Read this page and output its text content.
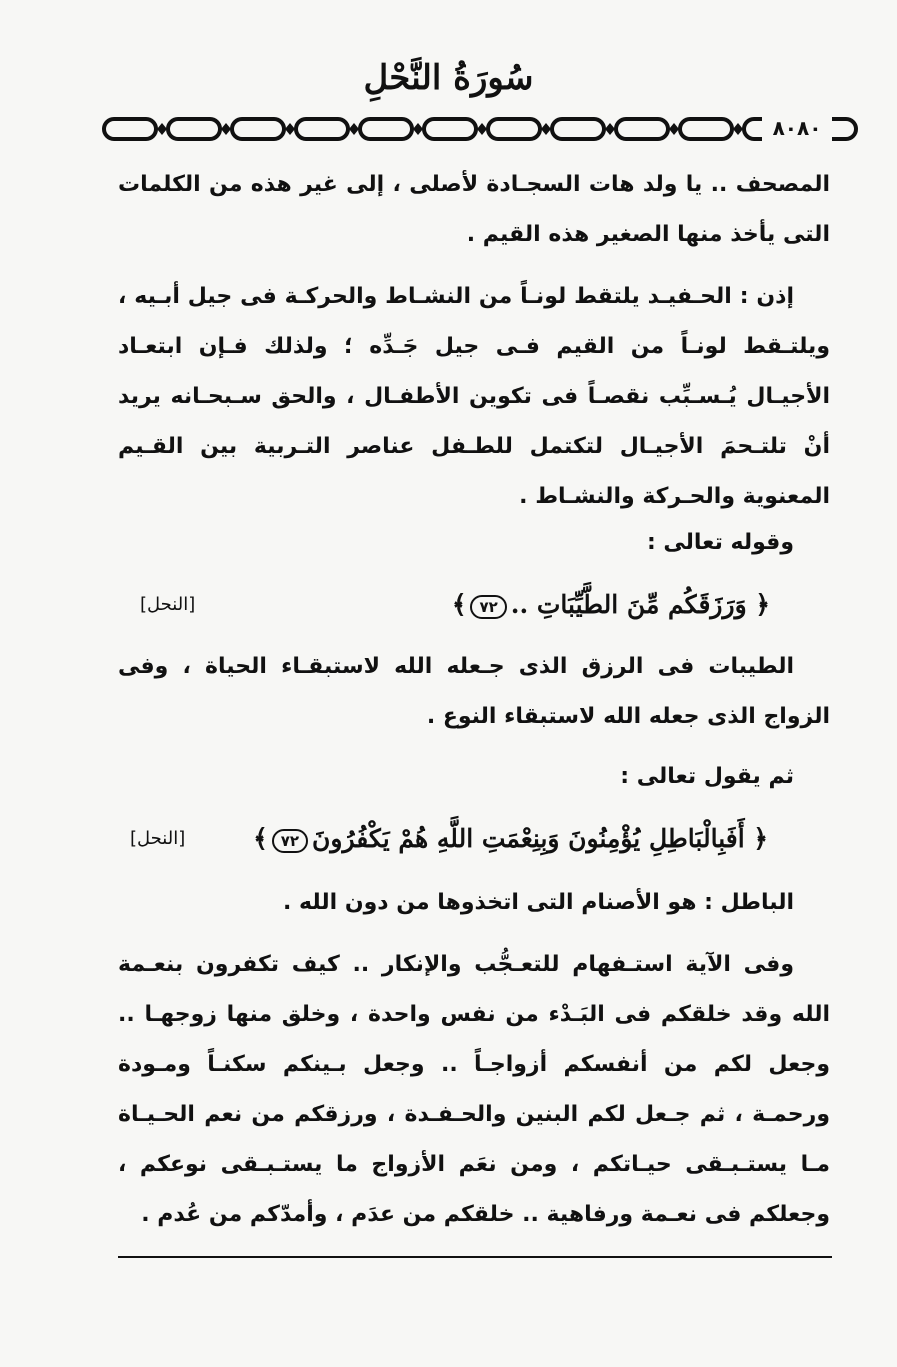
سُورَةُ النَّحْلِ
٨٠٨٠
المصحف .. يا ولد هات السجـادة لأصلى ، إلى غير هذه من الكلمات التى يأخذ منها الصغير هذه القيم .
إذن : الحـفيـد يلتقط لونـاً من النشـاط والحركـة فى جيل أبـيه ، ويلتـقط لونـاً من القيم فـى جيل جَـدِّه ؛ ولذلك فـإن ابتعـاد الأجيـال يُـسـبِّب نقصـاً فى تكوين الأطفـال ، والحق سـبحـانه يريد أنْ تلتـحمَ الأجيـال لتكتمل للطـفل عناصر التـربية بين القـيم المعنوية والحـركة والنشـاط .
وقوله تعالى :
﴿ وَرَزَقَكُم مِّنَ الطَّيِّبَاتِ ..٧٢﴾
[النحل]
الطيبات فى الرزق الذى جـعله الله لاستبقـاء الحياة ، وفى الزواج الذى جعله الله لاستبقاء النوع .
ثم يقول تعالى :
﴿ أَفَبِالْبَاطِلِ يُؤْمِنُونَ وَبِنِعْمَتِ اللَّهِ هُمْ يَكْفُرُونَ٧٢﴾
[النحل]
الباطل : هو الأصنام التى اتخذوها من دون الله .
وفى الآية استـفهام للتعـجُّب والإنكار .. كيف تكفرون بنعـمة الله وقد خلقكم فى البَـدْء من نفس واحدة ، وخلق منها زوجهـا .. وجعل لكم من أنفسكم أزواجـاً .. وجعل بـينكم سكنـاً ومـودة ورحمـة ، ثم جـعل لكم البنين والحـفـدة ، ورزقكم من نعم الحـيـاة مـا يستـبـقى حيـاتكم ، ومن نعَم الأزواج ما يستـبـقى نوعكم ، وجعلكم فى نعـمة ورفاهية .. خلقكم من عدَم ، وأمدّكم من عُدم .
